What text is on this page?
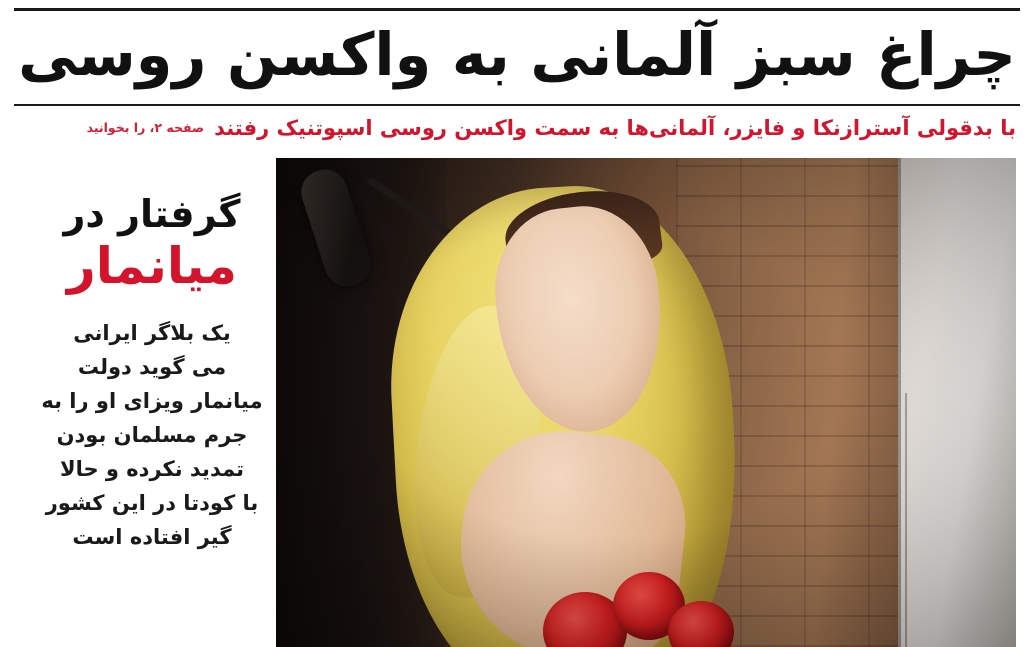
چراغ سبز آلمانی به واکسن روسی
با بدقولی آسترازنکا و فایزر، آلمانی‌ها به سمت واکسن روسی اسپوتنیک رفتند
صفحه ۲، را بخوانید
گرفتار در
میانمار
یک بلاگر ایرانی
می گوید دولت
میانمار ویزای او را به
جرم مسلمان بودن
تمدید نکرده و حالا
با کودتا در این کشور
گیر افتاده است
